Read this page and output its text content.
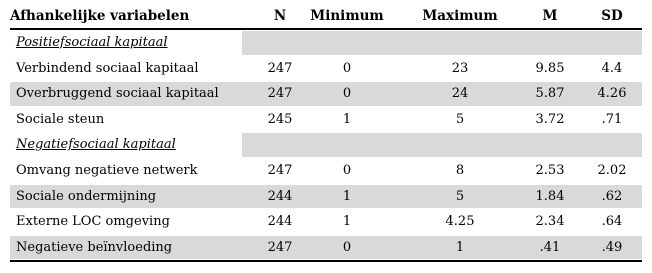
Afhankelijke variabelen	N	Minimum	Maximum	M	SD
Positiefsociaal kapitaal
Verbindend sociaal kapitaal	247	0	23	9.85	4.4
Overbruggend sociaal kapitaal	247	0	24	5.87	4.26
Sociale steun	245	1	5	3.72	.71
Negatiefsociaal kapitaal
Omvang negatieve netwerk	247	0	8	2.53	2.02
Sociale ondermijning	244	1	5	1.84	.62
Externe LOC omgeving	244	1	4.25	2.34	.64
Negatieve beïnvloeding	247	0	1	.41	.49
